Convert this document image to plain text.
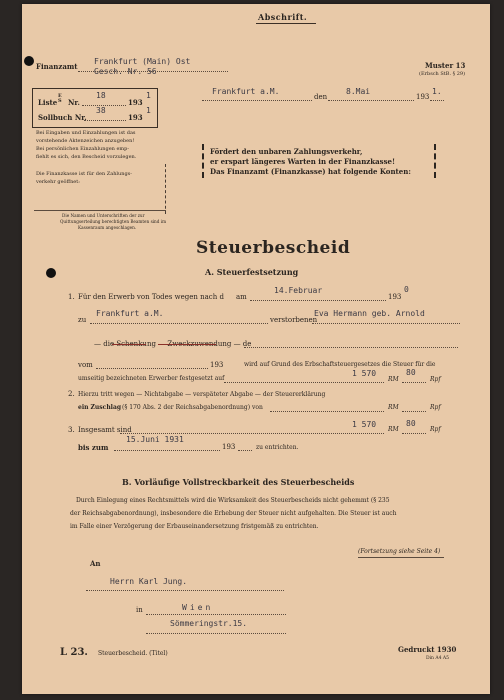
Abschrift.
Finanzamt
Frankfurt (Main) Ost
Gesch. Nr. 56
Muster 13
(Erbsch StB. § 29)
Liste
E S Nr.
18
193
1
Sollbuch Nr.
38
193
1
Frankfurt a.M.
den
8.Mai
193
1.
Bei Eingaben und Einzahlungen ist das
vorstehende Aktenzeichen anzugeben!
Bei persönlichen Einzahlungen emp-
fiehlt es sich, den Bescheid vorzulegen.
Die Finanzkasse ist für den Zahlungs-
verkehr geöffnet:
Die Namen und Unterschriften der zur
Quittungserteilung berechtigten Beamten sind im
Kassenraum angeschlagen.
Fördert den unbaren Zahlungsverkehr,
er erspart längeres Warten in der Finanzkasse!
Das Finanzamt (Finanzkasse) hat folgende Konten:
Steuerbescheid
A. Steuerfestsetzung
1. Für den Erwerb von Todes wegen nach d am
14.Februar
193
0
zu
Frankfurt a.M.
verstorbenen
Eva Hermann geb. Arnold
— die Schenkung — Zweckzuwendung — de
vom	193	wird auf Grund des Erbschaftsteuergesetzes die Steuer für die
umseitig bezeichneten Erwerber festgesetzt auf
1 570
RM
80
Rpf
2. Hierzu tritt wegen — Nichtabgabe — verspäteter Abgabe — der Steuererklärung
ein Zuschlag (§ 170 Abs. 2 der Reichsabgabenordnung) von	RM	Rpf
3. Insgesamt sind
1 570
RM
80
Rpf
bis zum
15.Juni 1931
193	zu entrichten.
B. Vorläufige Vollstreckbarkeit des Steuerbescheids
Durch Einlegung eines Rechtsmittels wird die Wirksamkeit des Steuerbescheids nicht gehemmt (§ 235
der Reichsabgabenordnung), insbesondere die Erhebung der Steuer nicht aufgehalten. Die Steuer ist auch
im Falle einer Verzögerung der Erbauseinandersetzung fristgemäß zu entrichten.
(Fortsetzung siehe Seite 4)
An
Herrn Karl Jung.
in	Wien
Sömmeringstr.15.
L 23. Steuerbescheid. (Titel)	Gedruckt 1930
Din A4 A5
